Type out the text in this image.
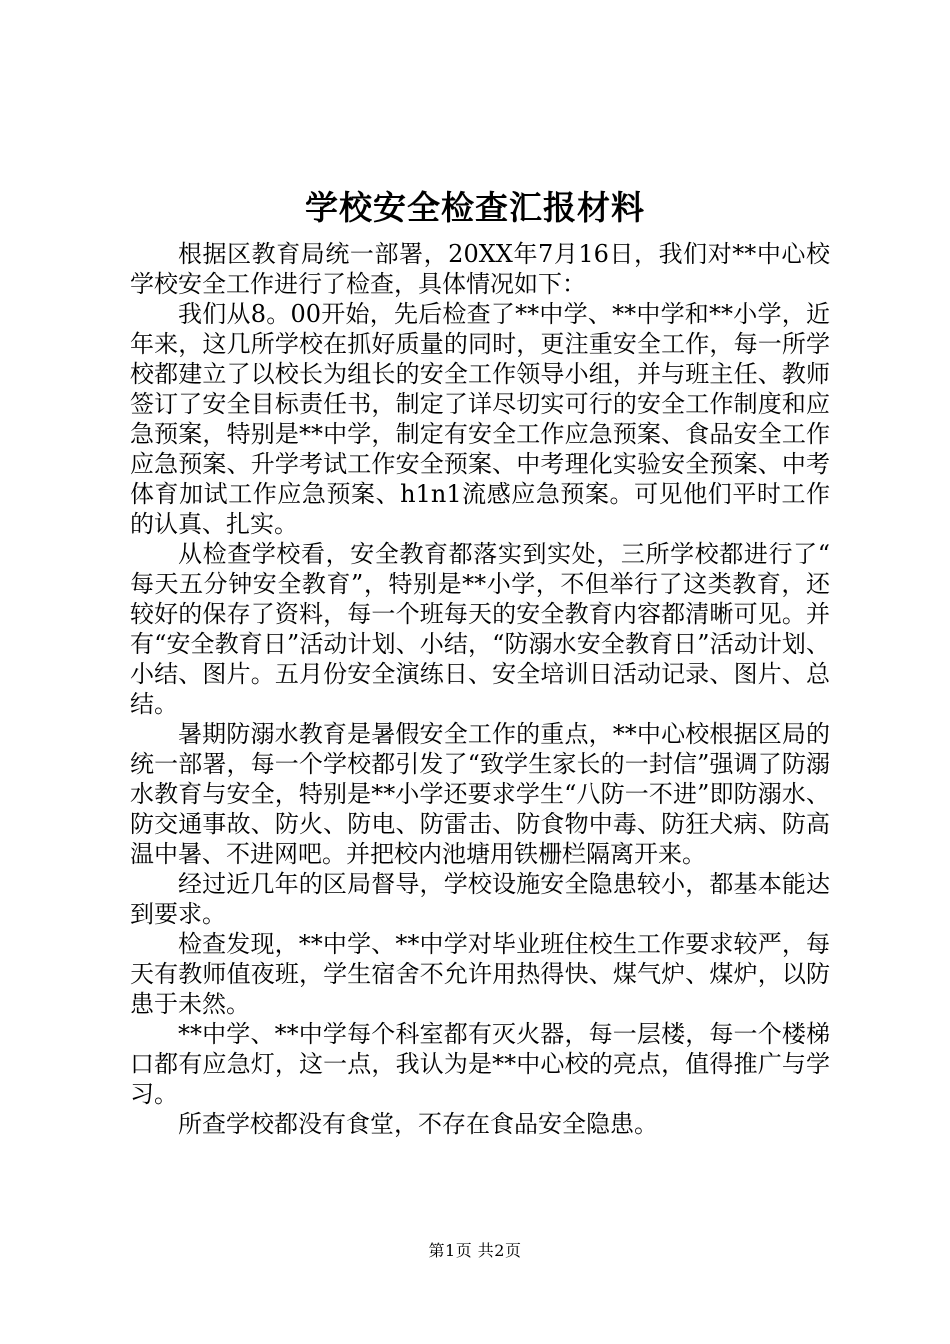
学校安全检查汇报材料

根据区教育局统一部署，20XX年7月16日，我们对**中心校学校安全工作进行了检查，具体情况如下：

我们从8。00开始，先后检查了**中学、**中学和**小学，近年来，这几所学校在抓好质量的同时，更注重安全工作，每一所学校都建立了以校长为组长的安全工作领导小组，并与班主任、教师签订了安全目标责任书，制定了详尽切实可行的安全工作制度和应急预案，特别是**中学，制定有安全工作应急预案、食品安全工作应急预案、升学考试工作安全预案、中考理化实验安全预案、中考体育加试工作应急预案、h1n1流感应急预案。可见他们平时工作的认真、扎实。

从检查学校看，安全教育都落实到实处，三所学校都进行了“每天五分钟安全教育”，特别是**小学，不但举行了这类教育，还较好的保存了资料，每一个班每天的安全教育内容都清晰可见。并有“安全教育日”活动计划、小结，“防溺水安全教育日”活动计划、小结、图片。五月份安全演练日、安全培训日活动记录、图片、总结。

暑期防溺水教育是暑假安全工作的重点，**中心校根据区局的统一部署，每一个学校都引发了“致学生家长的一封信”强调了防溺水教育与安全，特别是**小学还要求学生“八防一不进”即防溺水、防交通事故、防火、防电、防雷击、防食物中毒、防狂犬病、防高温中暑、不进网吧。并把校内池塘用铁栅栏隔离开来。

经过近几年的区局督导，学校设施安全隐患较小，都基本能达到要求。

检查发现，**中学、**中学对毕业班住校生工作要求较严，每天有教师值夜班，学生宿舍不允许用热得快、煤气炉、煤炉，以防患于未然。

**中学、**中学每个科室都有灭火器，每一层楼，每一个楼梯口都有应急灯，这一点，我认为是**中心校的亮点，值得推广与学习。

所查学校都没有食堂，不存在食品安全隐患。

第1页 共2页
